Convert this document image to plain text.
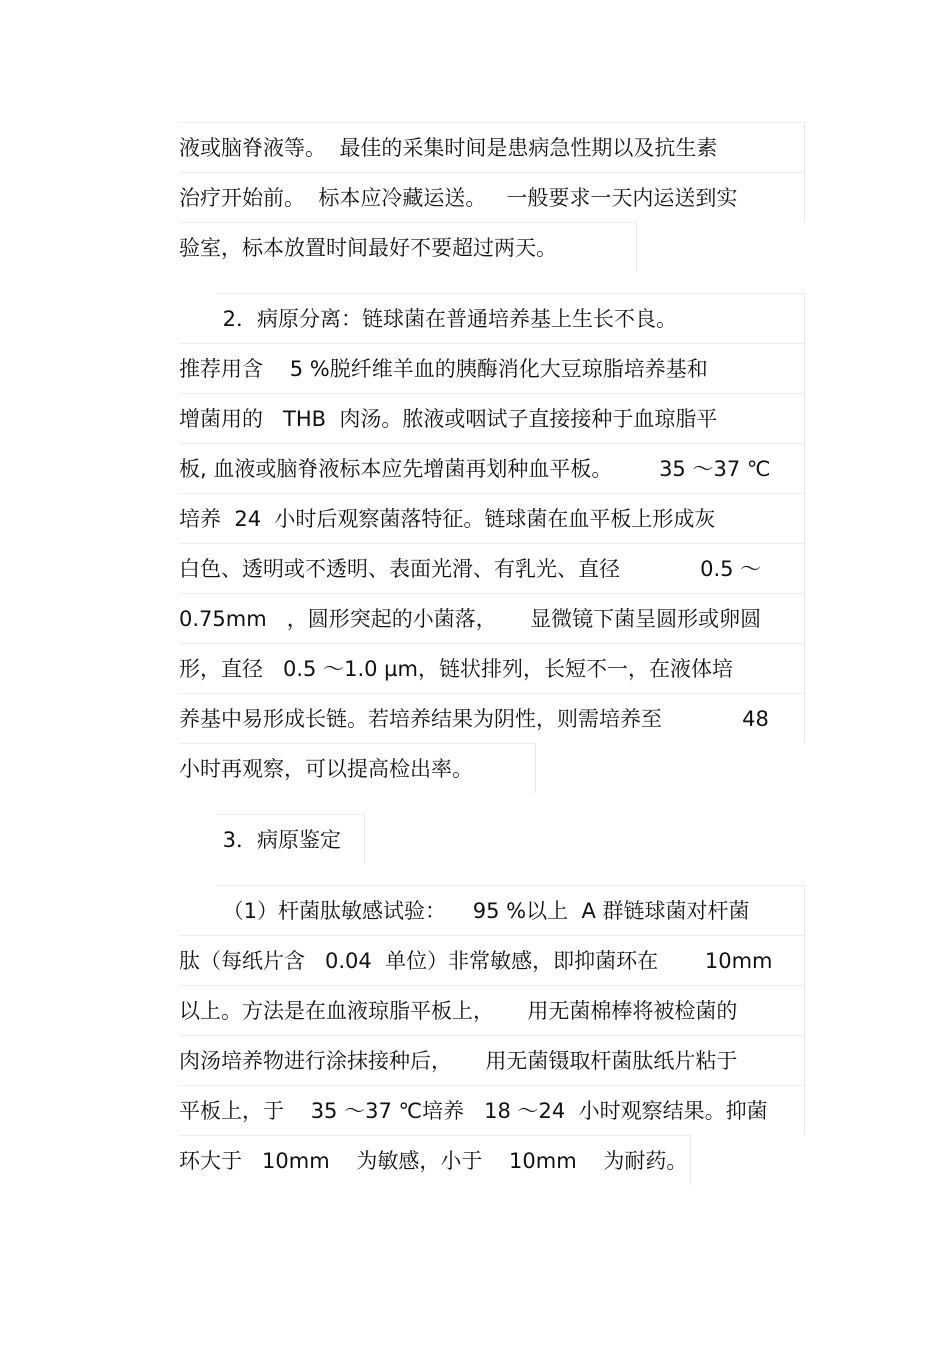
液或脑脊液等。  最佳的采集时间是患病急性期以及抗生素
治疗开始前。  标本应冷藏运送。   一般要求一天内运送到实
验室，标本放置时间最好不要超过两天。
2．病原分离：链球菌在普通培养基上生长不良。
推荐用含    5 %脱纤维羊血的胰酶消化大豆琼脂培养基和
增菌用的   THB  肉汤。脓液或咽试子直接接种于血琼脂平
板, 血液或脑脊液标本应先增菌再划种血平板。       35 ～37 ℃
培养  24  小时后观察菌落特征。链球菌在血平板上形成灰
白色、透明或不透明、表面光滑、有乳光、直径            0.5 ～
0.75mm   ，圆形突起的小菌落，     显微镜下菌呈圆形或卵圆
形，直径   0.5 ～1.0 µm，链状排列，长短不一，在液体培
养基中易形成长链。若培养结果为阴性，则需培养至            48
小时再观察，可以提高检出率。
3．病原鉴定
（1）杆菌肽敏感试验：    95 %以上  A 群链球菌对杆菌
肽（每纸片含   0.04  单位）非常敏感，即抑菌环在       10mm
以上。方法是在血液琼脂平板上，     用无菌棉棒将被检菌的
肉汤培养物进行涂抹接种后，     用无菌镊取杆菌肽纸片粘于
平板上，于    35 ～37 ℃培养   18 ～24  小时观察结果。抑菌
环大于   10mm    为敏感，小于    10mm    为耐药。
